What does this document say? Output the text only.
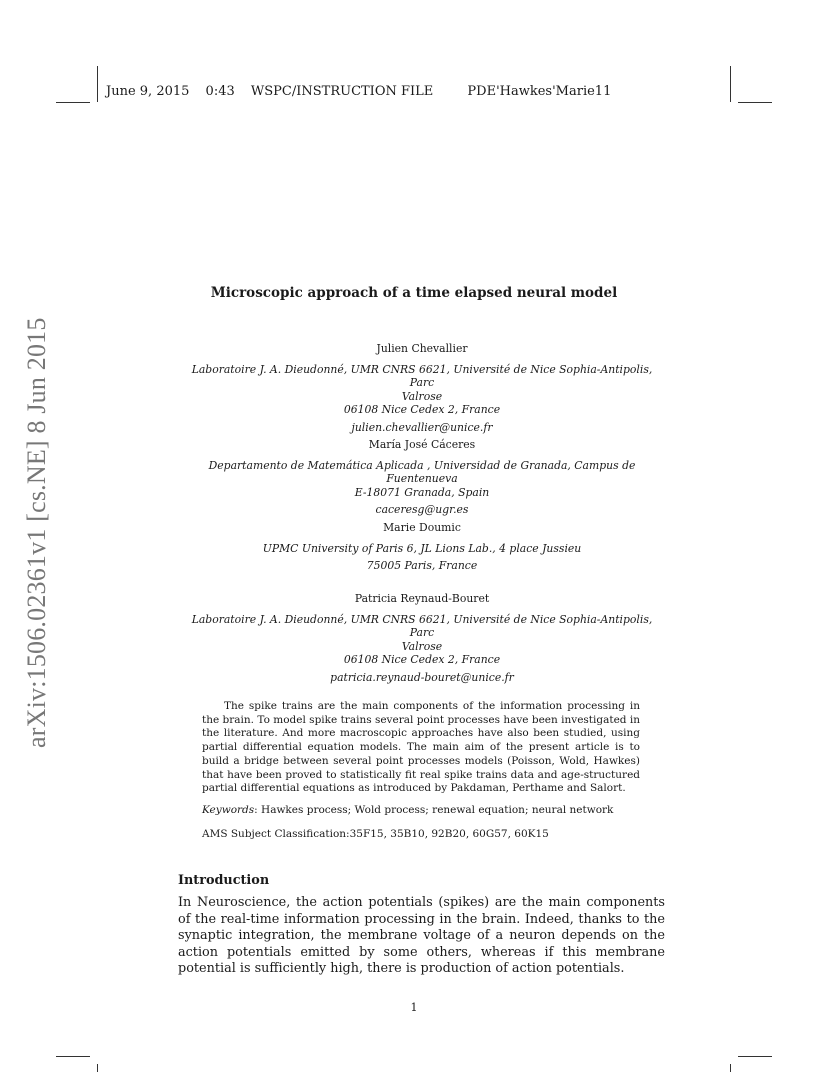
June 9, 2015 0:43 WSPC/INSTRUCTION FILE	PDE'Hawkes'Marie11
arXiv:1506.02361v1 [cs.NE] 8 Jun 2015
Microscopic approach of a time elapsed neural model
Julien Chevallier
Laboratoire J. A. Dieudonné, UMR CNRS 6621, Université de Nice Sophia-Antipolis, Parc
Valrose
06108 Nice Cedex 2, France
julien.chevallier@unice.fr
María José Cáceres
Departamento de Matemática Aplicada , Universidad de Granada, Campus de Fuentenueva
E-18071 Granada, Spain
caceresg@ugr.es
Marie Doumic
UPMC University of Paris 6, JL Lions Lab., 4 place Jussieu
75005 Paris, France
Patricia Reynaud-Bouret
Laboratoire J. A. Dieudonné, UMR CNRS 6621, Université de Nice Sophia-Antipolis, Parc
Valrose
06108 Nice Cedex 2, France
patricia.reynaud-bouret@unice.fr

The spike trains are the main components of the information processing in the brain. To model spike trains several point processes have been investigated in the literature. And more macroscopic approaches have also been studied, using partial differential equation models. The main aim of the present article is to build a bridge between several point processes models (Poisson, Wold, Hawkes) that have been proved to statistically fit real spike trains data and age-structured partial differential equations as introduced by Pakdaman, Perthame and Salort.

Keywords: Hawkes process; Wold process; renewal equation; neural network
AMS Subject Classification:35F15, 35B10, 92B20, 60G57, 60K15
Introduction

In Neuroscience, the action potentials (spikes) are the main components of the real-time information processing in the brain. Indeed, thanks to the synaptic integration, the membrane voltage of a neuron depends on the action potentials emitted by some others, whereas if this membrane potential is sufficiently high, there is production of action potentials.

1
